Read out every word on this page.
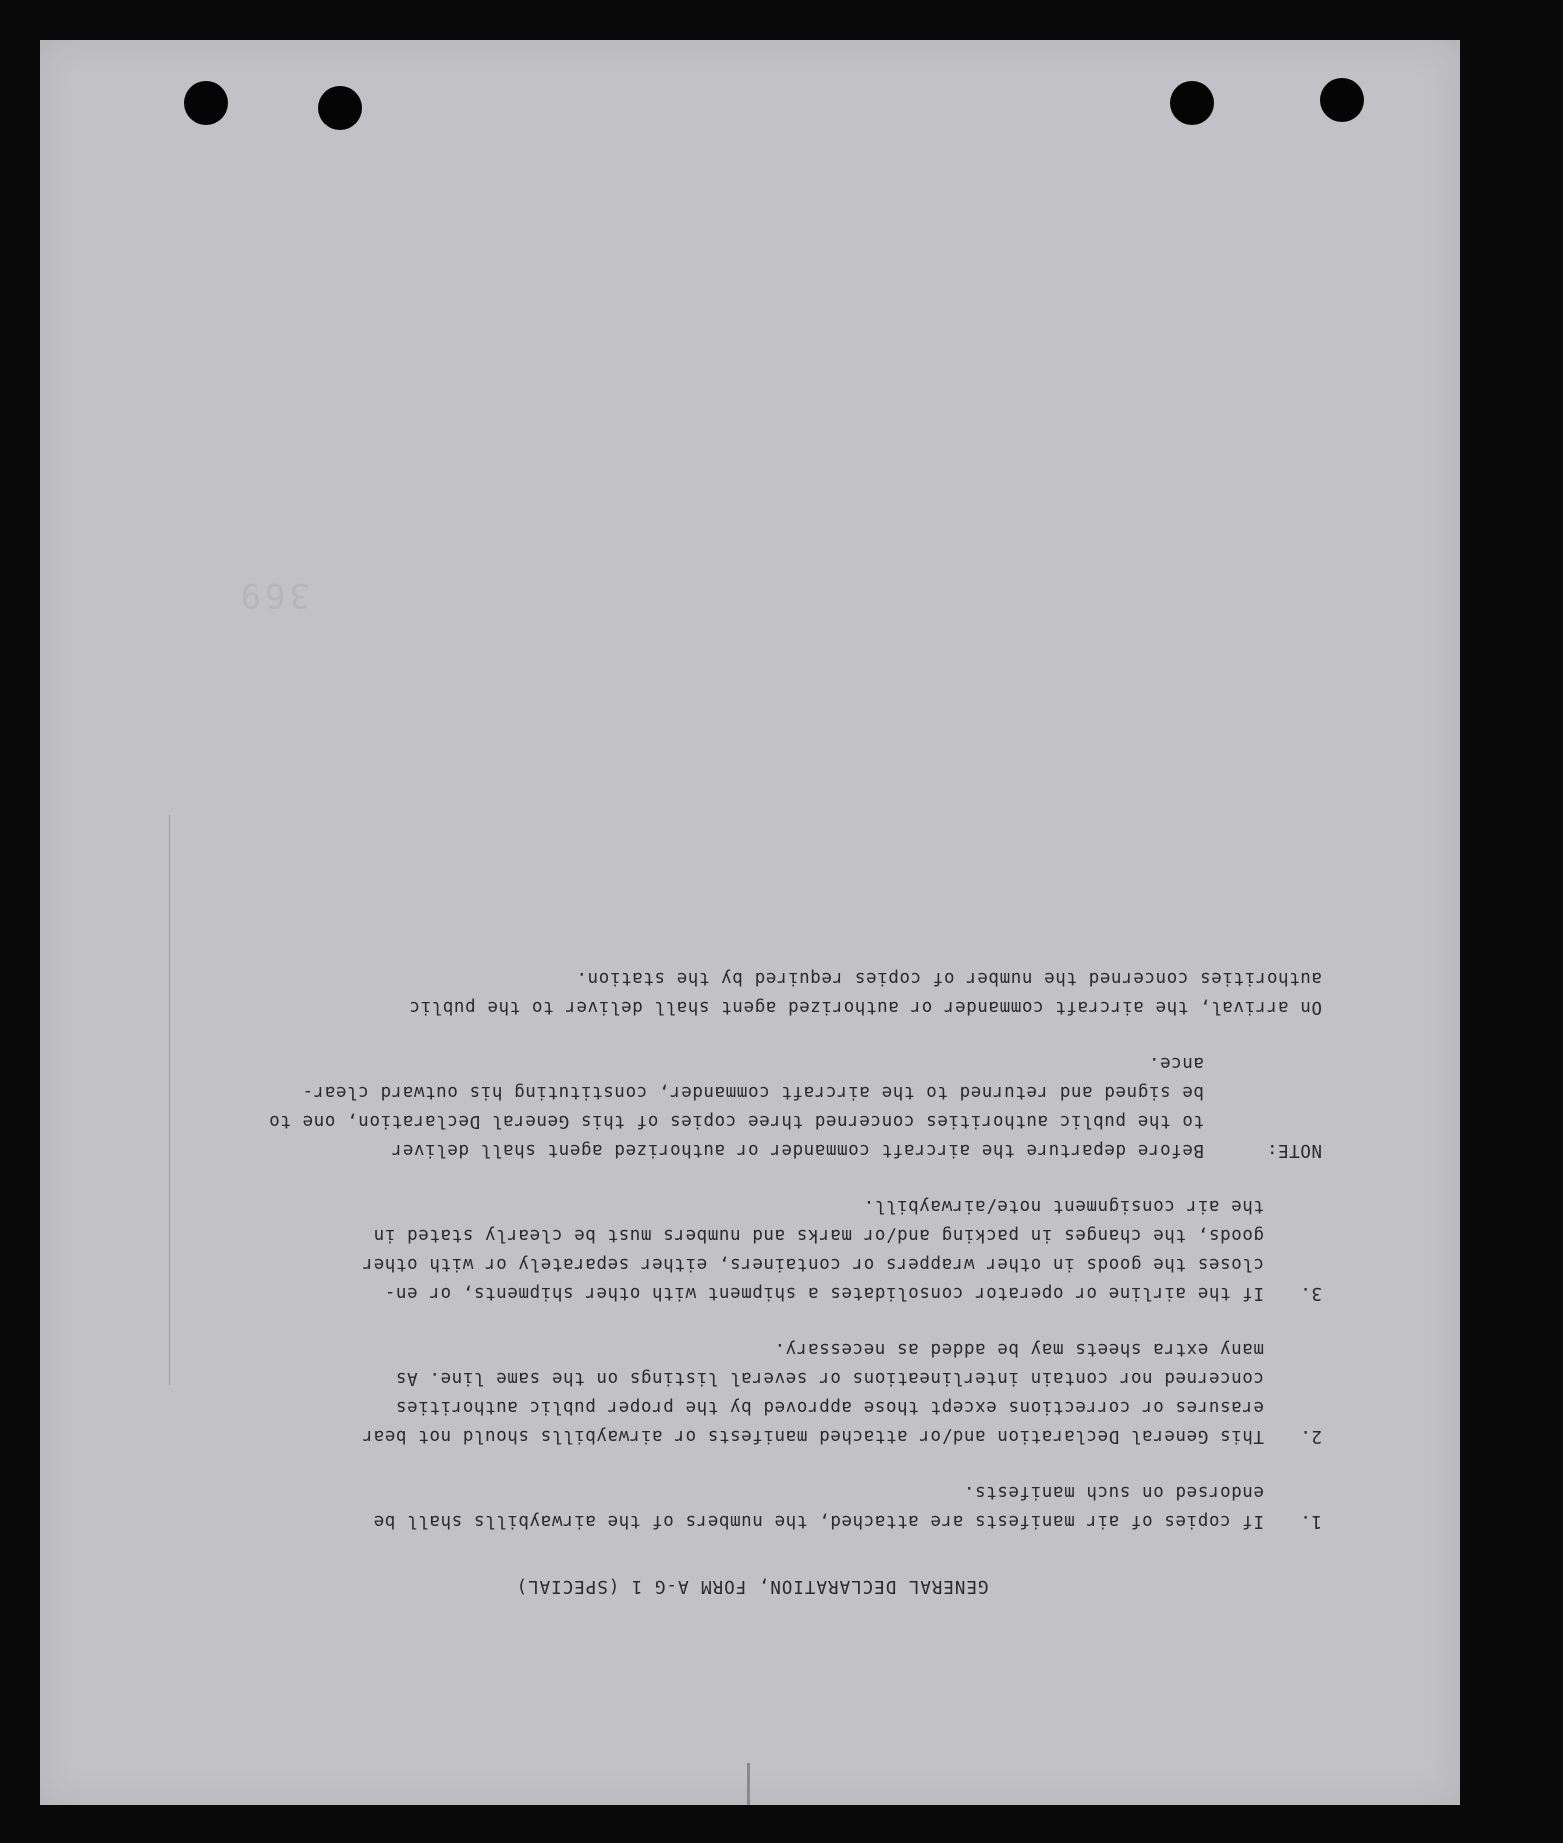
GENERAL DECLARATION, FORM A-G 1 (SPECIAL)
1.
If copies of air manifests are attached, the numbers of the airwaybills shall be
endorsed on such manifests.
2.
This General Declaration and/or attached manifests or airwaybills should not bear
erasures or corrections except those approved by the proper public authorities
concerned nor contain interlineations or several listings on the same line. As
many extra sheets may be added as necessary.
3.
If the airline or operator consolidates a shipment with other shipments, or en-
closes the goods in other wrappers or containers, either separately or with other
goods, the changes in packing and/or marks and numbers must be clearly stated in
the air consignment note/airwaybill.
NOTE:
Before departure the aircraft commander or authorized agent shall deliver
to the public authorities concerned three copies of this General Declaration, one to
be signed and returned to the aircraft commander, constituting his outward clear-
ance.
On arrival, the aircraft commander or authorized agent shall deliver to the public
authorities concerned the number of copies required by the station.
369
